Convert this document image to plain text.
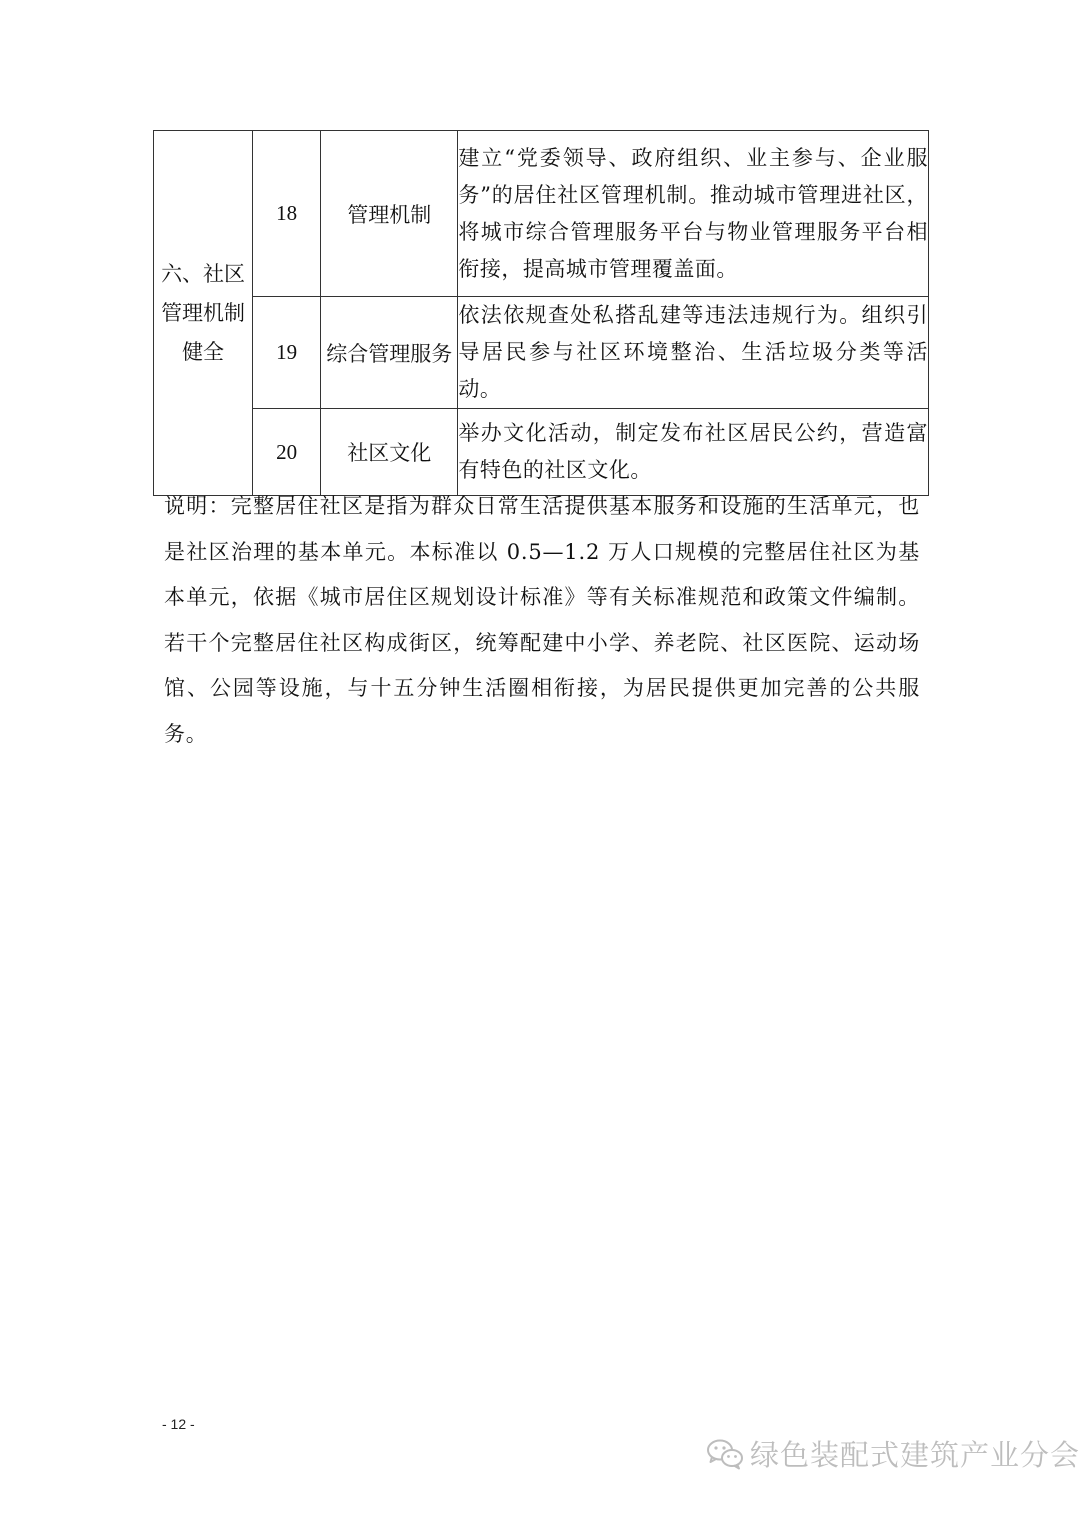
六、社区
管理机制
健全	18	管理机制	建立“党委领导、政府组织、业主参与、企业服务”的居住社区管理机制。推动城市管理进社区，将城市综合管理服务平台与物业管理服务平台相衔接，提高城市管理覆盖面。
	19	综合管理服务	依法依规查处私搭乱建等违法违规行为。组织引导居民参与社区环境整治、生活垃圾分类等活动。
	20	社区文化	举办文化活动，制定发布社区居民公约，营造富有特色的社区文化。
说明：完整居住社区是指为群众日常生活提供基本服务和设施的生活单元，也是社区治理的基本单元。本标准以 0.5—1.2 万人口规模的完整居住社区为基本单元，依据《城市居住区规划设计标准》等有关标准规范和政策文件编制。若干个完整居住社区构成街区，统筹配建中小学、养老院、社区医院、运动场馆、公园等设施，与十五分钟生活圈相衔接，为居民提供更加完善的公共服务。
- 12 -
绿色装配式建筑产业分会
